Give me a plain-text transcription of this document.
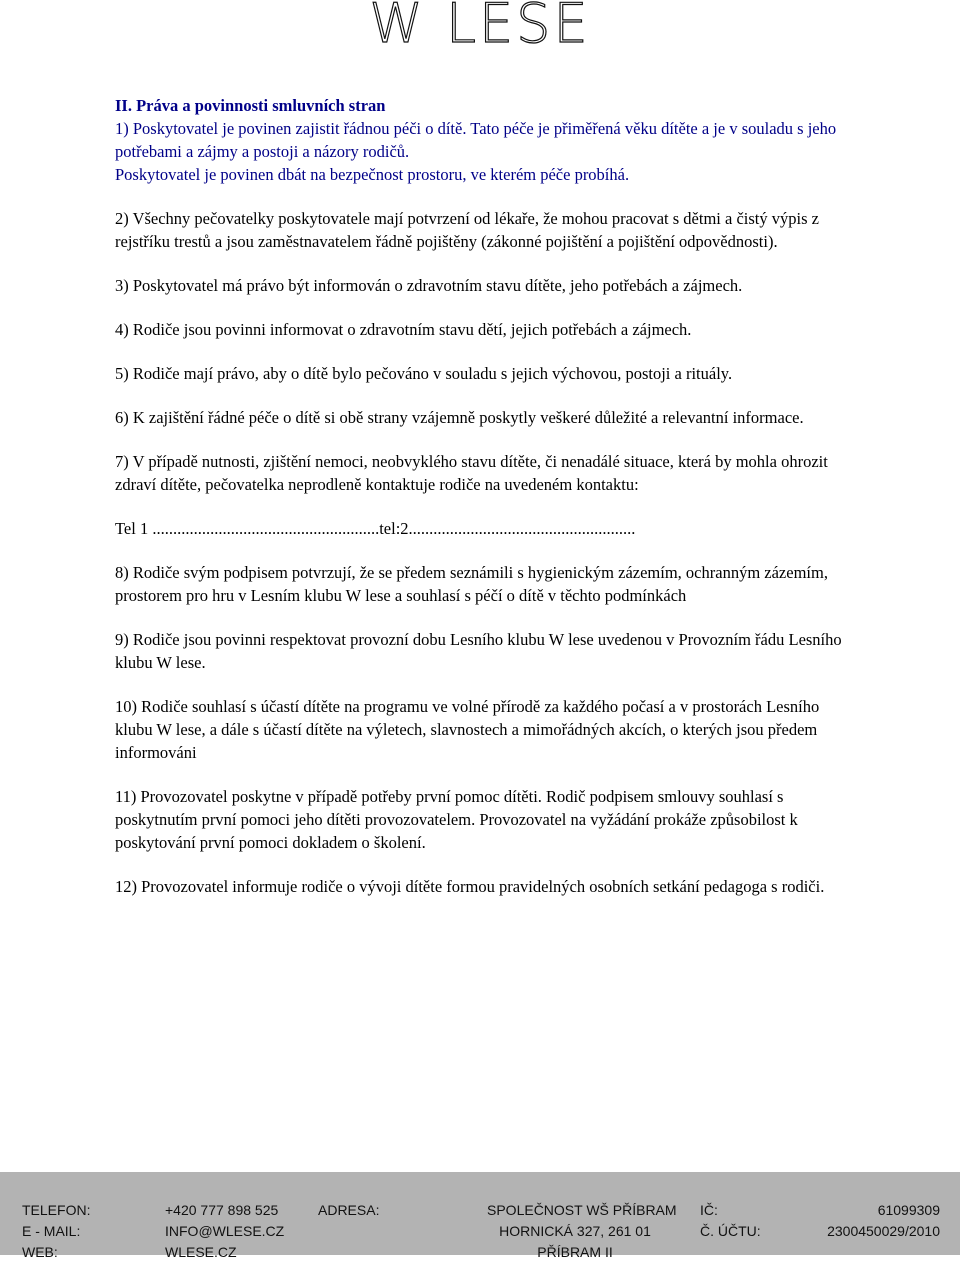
W LESE

II. Práva a povinnosti smluvních stran

1) Poskytovatel je povinen zajistit řádnou péči o dítě. Tato péče je přiměřená věku dítěte a je v souladu s jeho potřebami a zájmy a postoji a názory rodičů.

Poskytovatel je povinen dbát na bezpečnost prostoru, ve kterém péče probíhá.

2) Všechny pečovatelky poskytovatele mají potvrzení od lékaře, že mohou pracovat s dětmi a čistý výpis z rejstříku trestů a jsou zaměstnavatelem řádně pojištěny (zákonné pojištění a pojištění odpovědnosti).

3) Poskytovatel má právo být informován o zdravotním stavu dítěte, jeho potřebách a zájmech.

4) Rodiče jsou povinni informovat o zdravotním stavu dětí, jejich potřebách a zájmech.

5) Rodiče mají právo, aby o dítě bylo pečováno v souladu s jejich výchovou, postoji a rituály.

6) K zajištění řádné péče o dítě si obě strany vzájemně poskytly veškeré důležité a relevantní informace.

7) V případě nutnosti, zjištění nemoci, neobvyklého stavu dítěte, či nenadálé situace, která by mohla ohrozit zdraví dítěte, pečovatelka neprodleně kontaktuje rodiče na uvedeném kontaktu:

Tel 1 .......................................................tel:2.......................................................

8) Rodiče svým podpisem potvrzují, že se předem seznámili s hygienickým zázemím, ochranným zázemím, prostorem pro hru v Lesním klubu W lese a souhlasí s péčí o dítě v těchto podmínkách

9) Rodiče jsou povinni respektovat provozní dobu Lesního klubu W lese uvedenou v Provozním řádu Lesního klubu W lese.

10) Rodiče souhlasí s účastí dítěte na programu ve volné přírodě za každého počasí a v prostorách Lesního klubu W lese, a dále s účastí dítěte na výletech, slavnostech a mimořádných akcích, o kterých jsou předem informováni

11) Provozovatel poskytne v případě potřeby první pomoc dítěti. Rodič podpisem smlouvy souhlasí s poskytnutím první pomoci jeho dítěti provozovatelem. Provozovatel na vyžádání prokáže způsobilost k poskytování první pomoci dokladem o školení.

12) Provozovatel informuje rodiče o vývoji dítěte formou pravidelných osobních setkání pedagoga s rodiči.

TELEFON:
E - MAIL:
WEB:
+420 777 898 525
INFO@WLESE.CZ
WLESE.CZ
ADRESA:	SPOLEČNOST WŠ PŘÍBRAM
HORNICKÁ 327, 261 01
PŘÍBRAM II
IČ:
Č. ÚČTU:
61099309
2300450029/2010
